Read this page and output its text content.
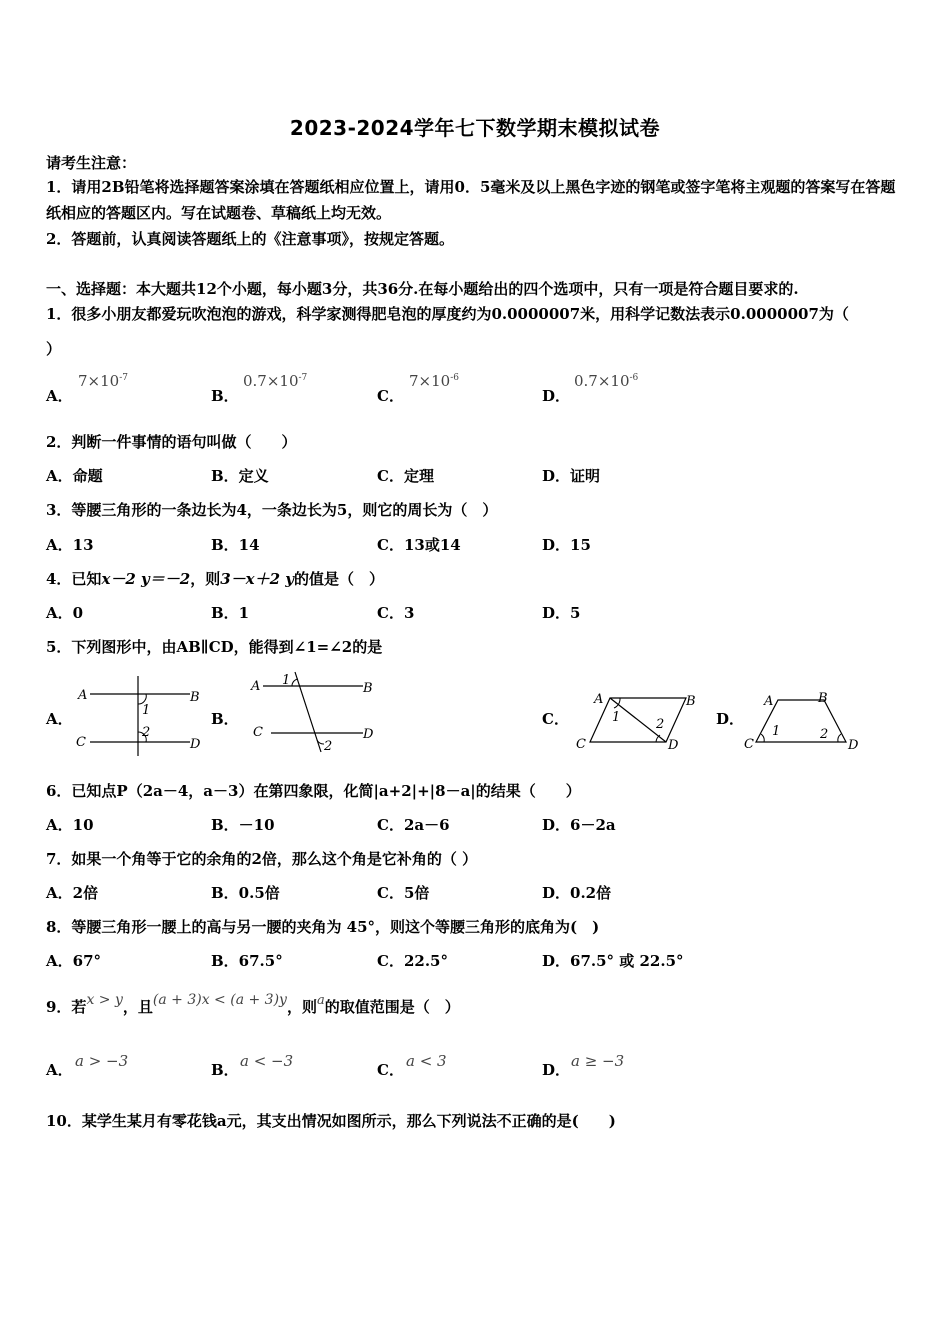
2023-2024学年七下数学期末模拟试卷
请考生注意：
1．请用2B铅笔将选择题答案涂填在答题纸相应位置上，请用0．5毫米及以上黑色字迹的钢笔或签字笔将主观题的答案写在答题纸相应的答题区内。写在试题卷、草稿纸上均无效。
2．答题前，认真阅读答题纸上的《注意事项》，按规定答题。
一、选择题：本大题共12个小题，每小题3分，共36分.在每小题给出的四个选项中，只有一项是符合题目要求的.
1．很多小朋友都爱玩吹泡泡的游戏，科学家测得肥皂泡的厚度约为0.0000007米，用科学记数法表示0.0000007为（
）
A．
$7\times 10^{-7}$
B．
$0.7\times 10^{-7}$
C．
$7\times 10^{-6}$
D．
$0.7\times 10^{-6}$
2．判断一件事情的语句叫做（　　）
A．命题	B．定义	C．定理	D．证明
3．等腰三角形的一条边长为4，一条边长为5，则它的周长为（　）
A．13	B．14	C．13或14	D．15
4．已知x－2 y＝－2，则3－x＋2 y的值是（　）
A．0	B．1	C．3	D．5
5．下列图形中，由AB∥CD，能得到∠1=∠2的是
A．
A	B
C	D
1
2
B．
A	B
C	D
1
2
C．
A	B
C	D
1	2	D．
A	B
C	D
1	2
6．已知点P（2a－4，a－3）在第四象限，化简|a+2|+|8－a|的结果（　　）
A．10	B．－10	C．2a－6	D．6－2a
7．如果一个角等于它的余角的2倍，那么这个角是它补角的（ ）
A．2倍	B．0.5倍	C．5倍	D．0.2倍
8．等腰三角形一腰上的高与另一腰的夹角为 45°，则这个等腰三角形的底角为(　)
A．67°	B．67.5°	C．22.5°	D．67.5° 或 22.5°
9．若x > y，且(a + 3)x < (a + 3)y，则a的取值范围是（　）
A． a > −3	B． a < −3	C． a < 3	D． a ≥ −3
10．某学生某月有零花钱a元，其支出情况如图所示，那么下列说法不正确的是(　　)
